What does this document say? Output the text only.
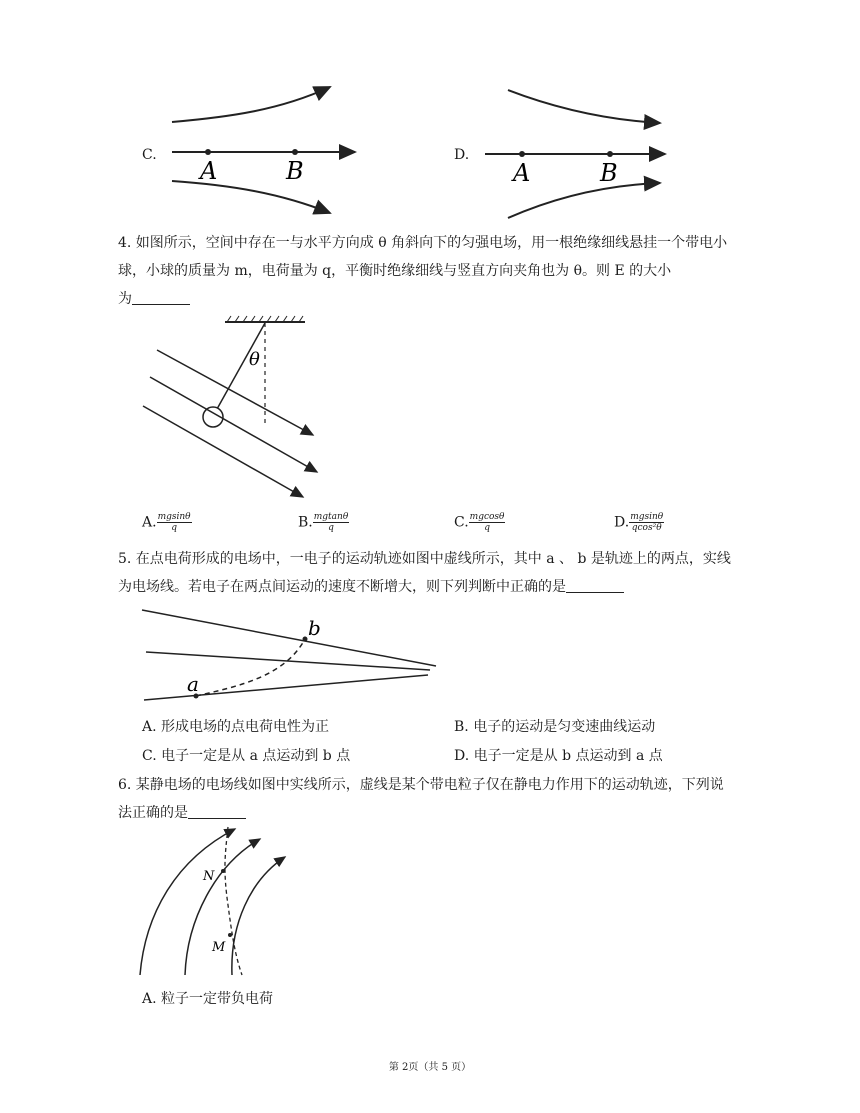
C.
A	B
D.
A	B
4. 如图所示，空间中存在一与水平方向成 θ 角斜向下的匀强电场，用一根绝缘细线悬挂一个带电小
球，小球的质量为 m，电荷量为 q，平衡时绝缘细线与竖直方向夹角也为 θ。则 E 的大小
为
θ
A. $\frac{mgsin\theta}{q}$	B. $\frac{mgtan\theta}{q}$	C. $\frac{mgcos\theta}{q}$	D. $\frac{mgsin\theta}{\text{qcos²θ}}$
5. 在点电荷形成的电场中，一电子的运动轨迹如图中虚线所示，其中 a 、 b 是轨迹上的两点，实线
为电场线。若电子在两点间运动的速度不断增大，则下列判断中正确的是
a
b
A. 形成电场的点电荷电性为正	B. 电子的运动是匀变速曲线运动
C. 电子一定是从 a 点运动到 b 点	D. 电子一定是从 b 点运动到 a 点
6. 某静电场的电场线如图中实线所示，虚线是某个带电粒子仅在静电力作用下的运动轨迹，下列说
法正确的是
N
M
A. 粒子一定带负电荷
第 2页（共 5 页）
